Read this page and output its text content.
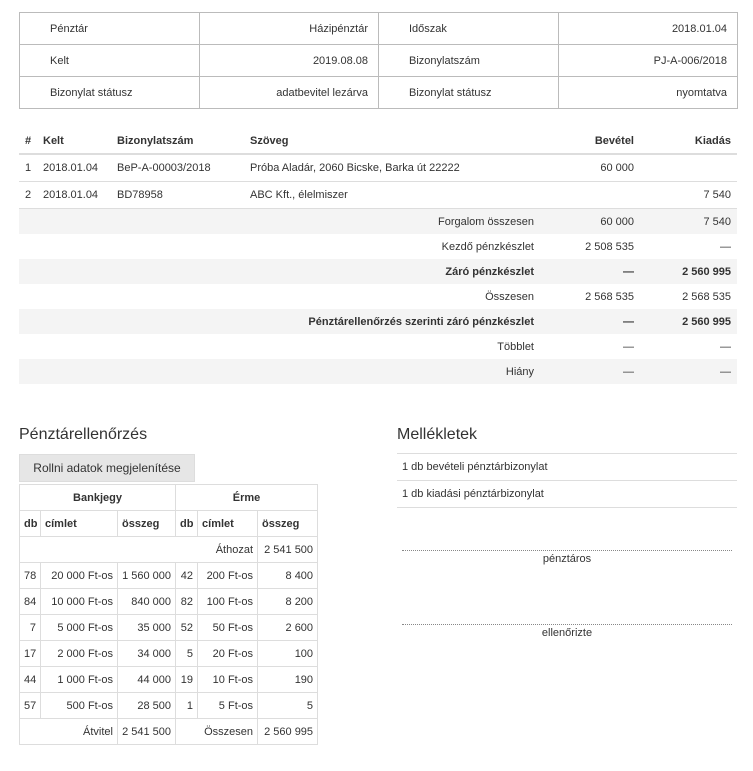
Pénztár	Házipénztár	Időszak	2018.01.04
Kelt	2019.08.08	Bizonylatszám	PJ-A-006/2018
Bizonylat státusz	adatbevitel lezárva	Bizonylat státusz	nyomtatva
#	Kelt	Bizonylatszám	Szöveg	Bevétel	Kiadás
1	2018.01.04	BeP-A-00003/2018	Próba Aladár, 2060 Bicske, Barka út 22222	60 000	
2	2018.01.04	BD78958	ABC Kft., élelmiszer		7 540
Forgalom összesen	60 000	7 540
Kezdő pénzkészlet	2 508 535	—
Záró pénzkészlet	—	2 560 995
Összesen	2 568 535	2 568 535
Pénztárellenőrzés szerinti záró pénzkészlet	—	2 560 995
Többlet	—	—
Hiány	—	—
Pénztárellenőrzés
Rollni adatok megjelenítése
Bankjegy			Érme		
db	címlet	összeg	db	címlet	összeg
Áthozat					2 541 500
78	20 000 Ft-os	1 560 000	42	200 Ft-os	8 400
84	10 000 Ft-os	840 000	82	100 Ft-os	8 200
7	5 000 Ft-os	35 000	52	50 Ft-os	2 600
17	2 000 Ft-os	34 000	5	20 Ft-os	100
44	1 000 Ft-os	44 000	19	10 Ft-os	190
57	500 Ft-os	28 500	1	5 Ft-os	5
Átvitel		2 541 500	Összesen		2 560 995
Mellékletek
1 db bevételi pénztárbizonylat
1 db kiadási pénztárbizonylat
pénztáros
ellenőrizte
